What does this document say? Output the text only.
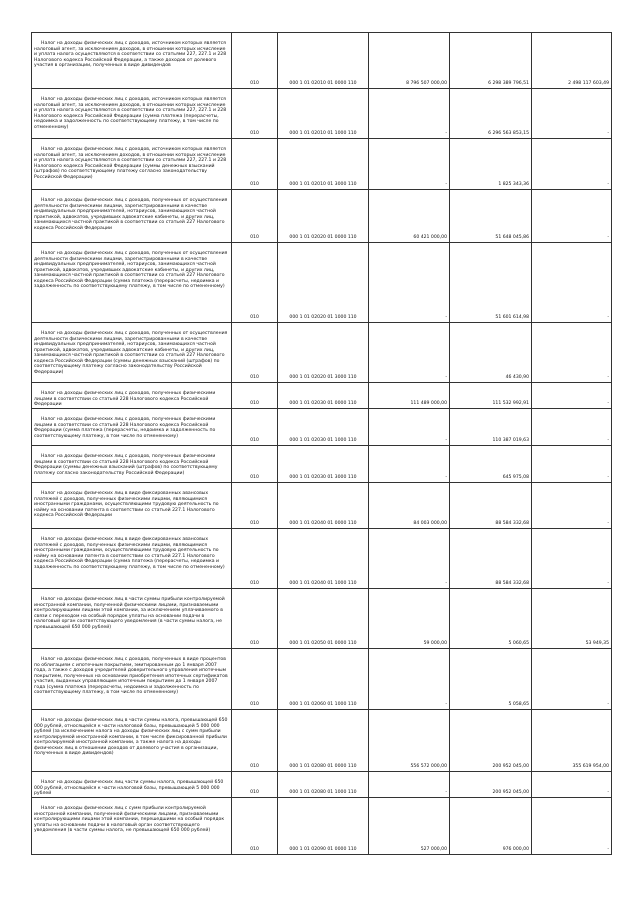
Налог на доходы физических лиц с доходов, источником которых является налоговый агент, за исключением доходов, в отношении которых исчисление и уплата налога осуществляются в соответствии со статьями 227, 227.1 и 228 Налогового кодекса Российской Федерации, а также доходов от долевого участия в организации, полученных в виде дивидендов	010	000 1 01 02010 01 0000 110	8 796 507 000,00	6 298 389 796,51	2 498 117 603,49

Налог на доходы физических лиц с доходов, источником которых является налоговый агент, за исключением доходов, в отношении которых исчисление и уплата налога осуществляются в соответствии со статьями 227, 227.1 и 228 Налогового кодекса Российской Федерации (сумма платежа (перерасчеты, недоимка и задолженность по соответствующему платежу, в том числе по отмененному)	010	000 1 01 02010 01 1000 110	-	6 296 563 853,15	-

Налог на доходы физических лиц с доходов, источником которых является налоговый агент, за исключением доходов, в отношении которых исчисление и уплата налога осуществляются в соответствии со статьями 227, 227.1 и 228 Налогового кодекса Российской Федерации (суммы денежных взысканий (штрафов) по соответствующему платежу согласно законодательству Российской Федерации)	010	000 1 01 02010 01 3000 110	-	1 825 343,36	-

Налог на доходы физических лиц с доходов, полученных от осуществления деятельности физическими лицами, зарегистрированными в качестве индивидуальных предпринимателей, нотариусов, занимающихся частной практикой, адвокатов, учредивших адвокатские кабинеты, и других лиц, занимающихся частной практикой в соответствии со статьей 227 Налогового кодекса Российской Федерации	010	000 1 01 02020 01 0000 110	60 421 000,00	51 648 045,86	-

Налог на доходы физических лиц с доходов, полученных от осуществления деятельности физическими лицами, зарегистрированными в качестве индивидуальных предпринимателей, нотариусов, занимающихся частной практикой, адвокатов, учредивших адвокатские кабинеты, и других лиц, занимающихся частной практикой в соответствии со статьей 227 Налогового кодекса Российской Федерации (сумма платежа (перерасчеты, недоимка и задолженность по соответствующему платежу, в том числе по отмененному)	010	000 1 01 02020 01 1000 110	-	51 601 614,98	-

Налог на доходы физических лиц с доходов, полученных от осуществления деятельности физическими лицами, зарегистрированными в качестве индивидуальных предпринимателей, нотариусов, занимающихся частной практикой, адвокатов, учредивших адвокатские кабинеты, и других лиц, занимающихся частной практикой в соответствии со статьей 227 Налогового кодекса Российской Федерации (суммы денежных взысканий (штрафов) по соответствующему платежу согласно законодательству Российской Федерации)	010	000 1 01 02020 01 3000 110	-	46 430,90	-

Налог на доходы физических лиц с доходов, полученных физическими лицами в соответствии со статьей 228 Налогового кодекса Российской Федерации	010	000 1 01 02030 01 0000 110	111 489 000,00	111 532 992,91	-

Налог на доходы физических лиц с доходов, полученных физическими лицами в соответствии со статьей 228 Налогового кодекса Российской Федерации (сумма платежа (перерасчеты, недоимка и задолженность по соответствующему платежу, в том числе по отмененному)	010	000 1 01 02030 01 1000 110	-	110 387 019,63	-

Налог на доходы физических лиц с доходов, полученных физическими лицами в соответствии со статьей 228 Налогового кодекса Российской Федерации (суммы денежных взысканий (штрафов) по соответствующему платежу согласно законодательству Российской Федерации)	010	000 1 01 02030 01 3000 110	-	645 975,08	-

Налог на доходы физических лиц в виде фиксированных авансовых платежей с доходов, полученных физическими лицами, являющимися иностранными гражданами, осуществляющими трудовую деятельность по найму на основании патента в соответствии со статьей 227.1 Налогового кодекса Российской Федерации	010	000 1 01 02040 01 0000 110	84 003 000,00	88 584 332,68	-

Налог на доходы физических лиц в виде фиксированных авансовых платежей с доходов, полученных физическими лицами, являющимися иностранными гражданами, осуществляющими трудовую деятельность по найму на основании патента в соответствии со статьей 227.1 Налогового кодекса Российской Федерации (сумма платежа (перерасчеты, недоимка и задолженность по соответствующему платежу, в том числе по отмененному)	010	000 1 01 02040 01 1000 110	-	88 584 332,68	-

Налог на доходы физических лиц в части суммы прибыли контролируемой иностранной компании, полученной физическими лицами, признаваемыми контролирующими лицами этой компании, за исключением уплачиваемого в связи с переходом на особый порядок уплаты на основании подачи в налоговый орган соответствующего уведомления (в части суммы налога, не превышающей 650 000 рублей)	010	000 1 01 02050 01 0000 110	59 000,00	5 060,65	53 949,35

Налог на доходы физических лиц с доходов, полученных в виде процентов по облигациям с ипотечным покрытием, эмитированным до 1 января 2007 года, а также с доходов учредителей доверительного управления ипотечным покрытием, полученных на основании приобретения ипотечных сертификатов участия, выданных управляющим ипотечным покрытием до 1 января 2007 года (сумма платежа (перерасчеты, недоимка и задолженность по соответствующему платежу, в том числе по отмененному)	010	000 1 01 02060 01 1000 110	-	5 058,65	-

Налог на доходы физических лиц в части суммы налога, превышающей 650 000 рублей, относящейся к части налоговой базы, превышающей 5 000 000 рублей (за исключением налога на доходы физических лиц с сумм прибыли контролируемой иностранной компании, в том числе фиксированной прибыли контролируемой иностранной компании, а также налога на доходы физических лиц в отношении доходов от долевого участия в организации, полученных в виде дивидендов)	010	000 1 01 02080 01 0000 110	556 572 000,00	200 952 045,00	355 619 954,00

Налог на доходы физических лиц части суммы налога, превышающей 650 000 рублей, относящейся к части налоговой базы, превышающей 5 000 000 рублей	010	000 1 01 02080 01 1000 110	-	200 952 045,00	-

Налог на доходы физических лиц с сумм прибыли контролируемой иностранной компании, полученной физическими лицами, признаваемыми контролирующими лицами этой компании, перешедшими на особый порядок уплаты на основании подачи в налоговый орган соответствующего уведомления (в части суммы налога, не превышающей 650 000 рублей)	010	000 1 01 02090 01 0000 110	527 000,00	976 000,00	-
